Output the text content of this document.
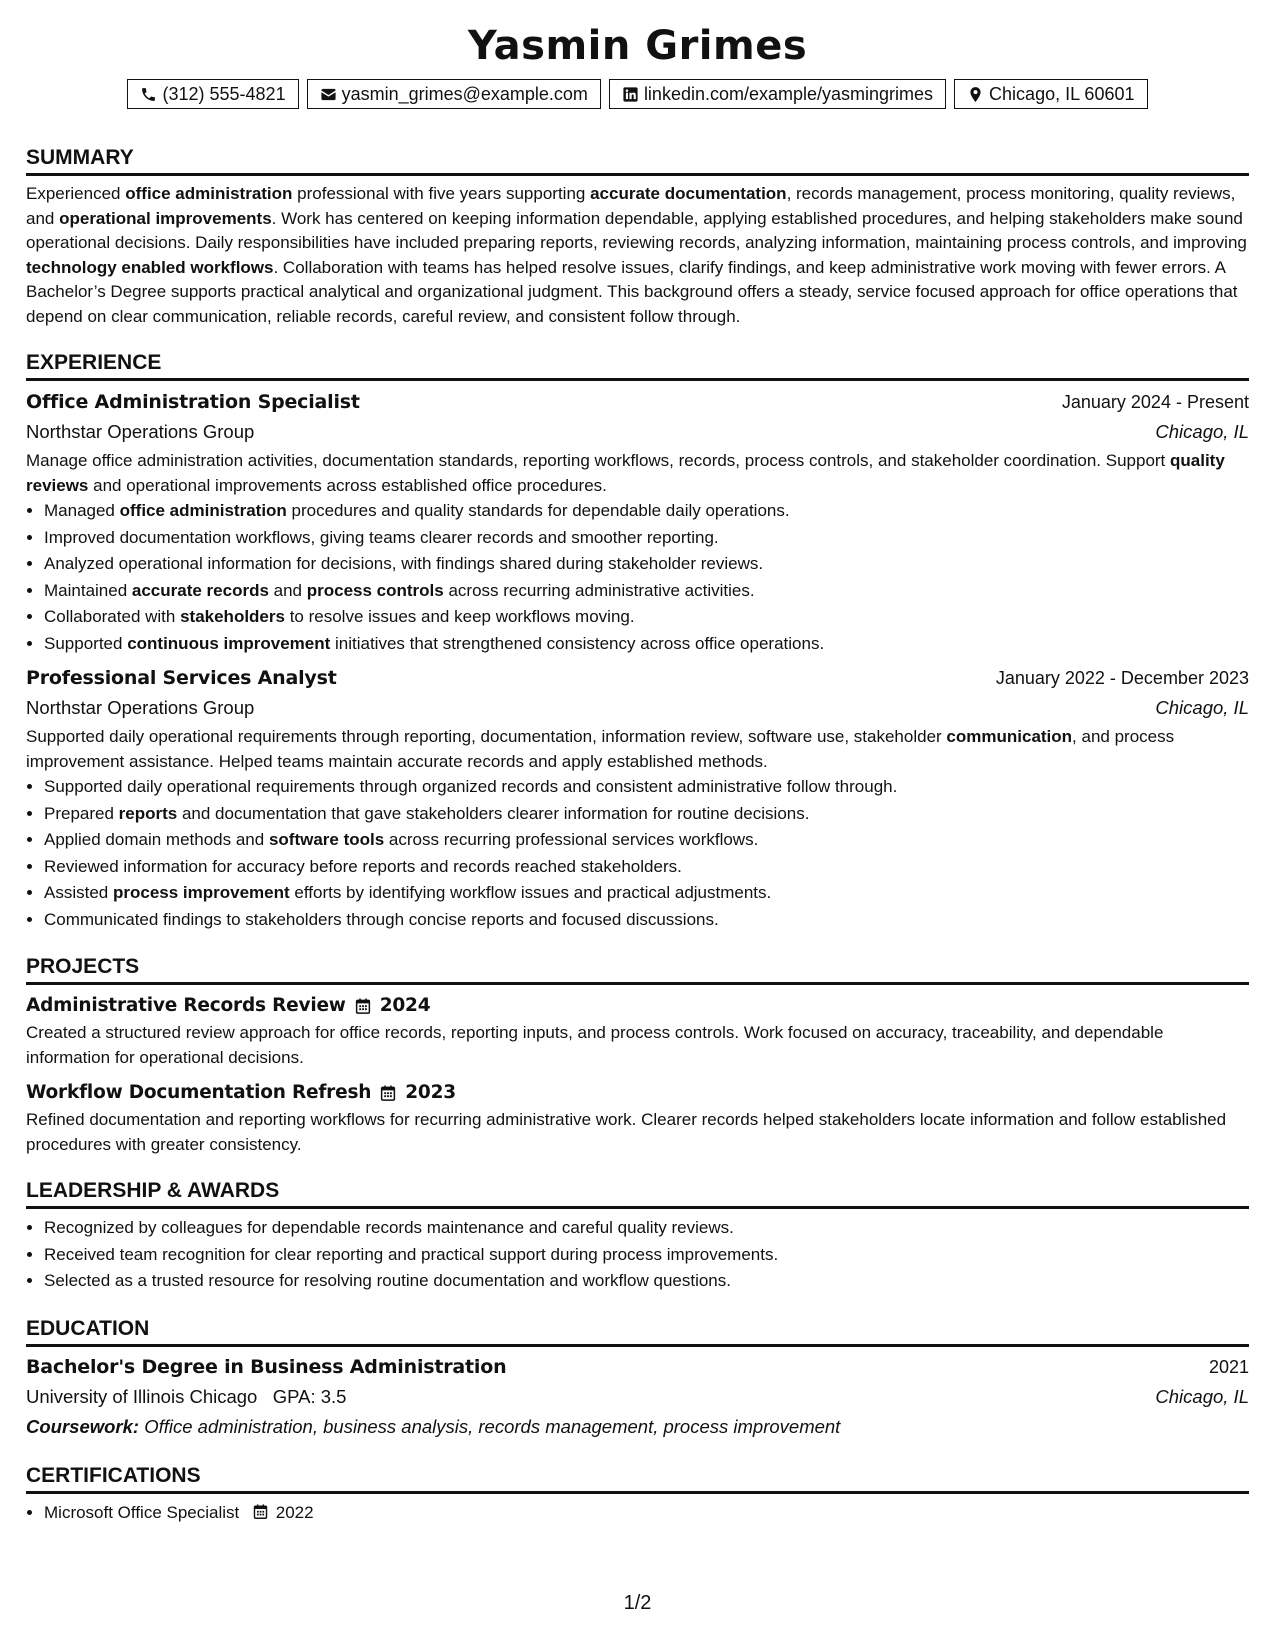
Yasmin Grimes
(312) 555-4821	yasmin_grimes@example.com	linkedin.com/example/yasmingrimes	Chicago, IL 60601
SUMMARY
Experienced office administration professional with five years supporting accurate documentation, records management, process monitoring, quality reviews, and operational improvements. Work has centered on keeping information dependable, applying established procedures, and helping stakeholders make sound operational decisions. Daily responsibilities have included preparing reports, reviewing records, analyzing information, maintaining process controls, and improving technology enabled workflows. Collaboration with teams has helped resolve issues, clarify findings, and keep administrative work moving with fewer errors. A Bachelor’s Degree supports practical analytical and organizational judgment. This background offers a steady, service focused approach for office operations that depend on clear communication, reliable records, careful review, and consistent follow through.
EXPERIENCE
Office Administration Specialist	January 2024 - Present
Northstar Operations Group	Chicago, IL
Manage office administration activities, documentation standards, reporting workflows, records, process controls, and stakeholder coordination. Support quality reviews and operational improvements across established office procedures.
• Managed office administration procedures and quality standards for dependable daily operations.
• Improved documentation workflows, giving teams clearer records and smoother reporting.
• Analyzed operational information for decisions, with findings shared during stakeholder reviews.
• Maintained accurate records and process controls across recurring administrative activities.
• Collaborated with stakeholders to resolve issues and keep workflows moving.
• Supported continuous improvement initiatives that strengthened consistency across office operations.
Professional Services Analyst	January 2022 - December 2023
Northstar Operations Group	Chicago, IL
Supported daily operational requirements through reporting, documentation, information review, software use, stakeholder communication, and process improvement assistance. Helped teams maintain accurate records and apply established methods.
• Supported daily operational requirements through organized records and consistent administrative follow through.
• Prepared reports and documentation that gave stakeholders clearer information for routine decisions.
• Applied domain methods and software tools across recurring professional services workflows.
• Reviewed information for accuracy before reports and records reached stakeholders.
• Assisted process improvement efforts by identifying workflow issues and practical adjustments.
• Communicated findings to stakeholders through concise reports and focused discussions.
PROJECTS
Administrative Records Review 2024
Created a structured review approach for office records, reporting inputs, and process controls. Work focused on accuracy, traceability, and dependable information for operational decisions.
Workflow Documentation Refresh 2023
Refined documentation and reporting workflows for recurring administrative work. Clearer records helped stakeholders locate information and follow established procedures with greater consistency.
LEADERSHIP & AWARDS
• Recognized by colleagues for dependable records maintenance and careful quality reviews.
• Received team recognition for clear reporting and practical support during process improvements.
• Selected as a trusted resource for resolving routine documentation and workflow questions.
EDUCATION
Bachelor's Degree in Business Administration	2021
University of Illinois Chicago GPA: 3.5	Chicago, IL
Coursework: Office administration, business analysis, records management, process improvement
CERTIFICATIONS
• Microsoft Office Specialist 2022
1/2
